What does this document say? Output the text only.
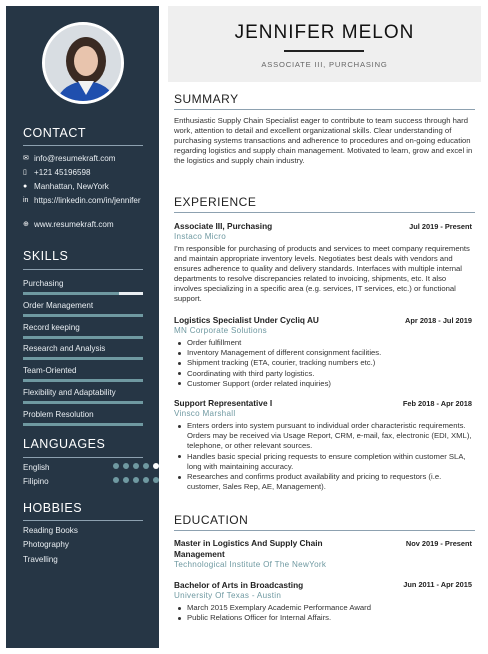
CONTACT
✉ info@resumekraft.com
▯ +121 45196598
● Manhattan, NewYork
in https://linkedin.com/in/jennifer
⊕ www.resumekraft.com
SKILLS
Purchasing
Order Management
Record keeping
Research and Analysis
Team-Oriented
Flexibility and Adaptability
Problem Resolution
LANGUAGES
English
Filipino
HOBBIES
Reading Books
Photography
Travelling
JENNIFER MELON
ASSOCIATE III, PURCHASING
SUMMARY
Enthusiastic Supply Chain Specialist eager to contribute to team success through hard work, attention to detail and excellent organizational skills. Clear understanding of purchasing systems transactions and adherence to procedures and on-going education regarding logistics and supply chain management. Motivated to learn, grow and excel in the logistics and supply chain industry.
EXPERIENCE
Associate III, Purchasing	Jul 2019 - Present
Instaco Micro
I'm responsible for purchasing of products and services to meet company requirements and maintain appropriate inventory levels. Negotiates best deals with vendors and ensures adherence to quality and delivery standards. Interfaces with multiple internal departments to resolve discrepancies related to invoicing, shipments, etc. It also involves specializing in a specific area (e.g. services, IT services, etc.) or functional support.
Logistics Specialist Under Cycliq AU	Apr 2018 - Jul 2019
MN Corporate Solutions
Order fulfillment
Inventory Management of different consignment facilities.
Shipment tracking (ETA, courier, tracking numbers etc.)
Coordinating with third party logistics.
Customer Support (order related inquiries)
Support Representative I	Feb 2018 - Apr 2018
Vinsco Marshall
Enters orders into system pursuant to individual order characteristic requirements. Orders may be received via Usage Report, CRM, e-mail, fax, electronic (EDI, XML), telephone, or other relevant sources.
Handles basic special pricing requests to ensure completion within customer SLA, long with maintaining accuracy.
Researches and confirms product availability and pricing to requestors (i.e. customer, Sales Rep, AE, Management).
EDUCATION
Master in Logistics And Supply Chain Management
Nov 2019 - Present
Technological Institute Of The NewYork
Bachelor of Arts in Broadcasting	Jun 2011 - Apr 2015
University Of Texas - Austin
March 2015 Exemplary Academic Performance Award
Public Relations Officer for Internal Affairs.
